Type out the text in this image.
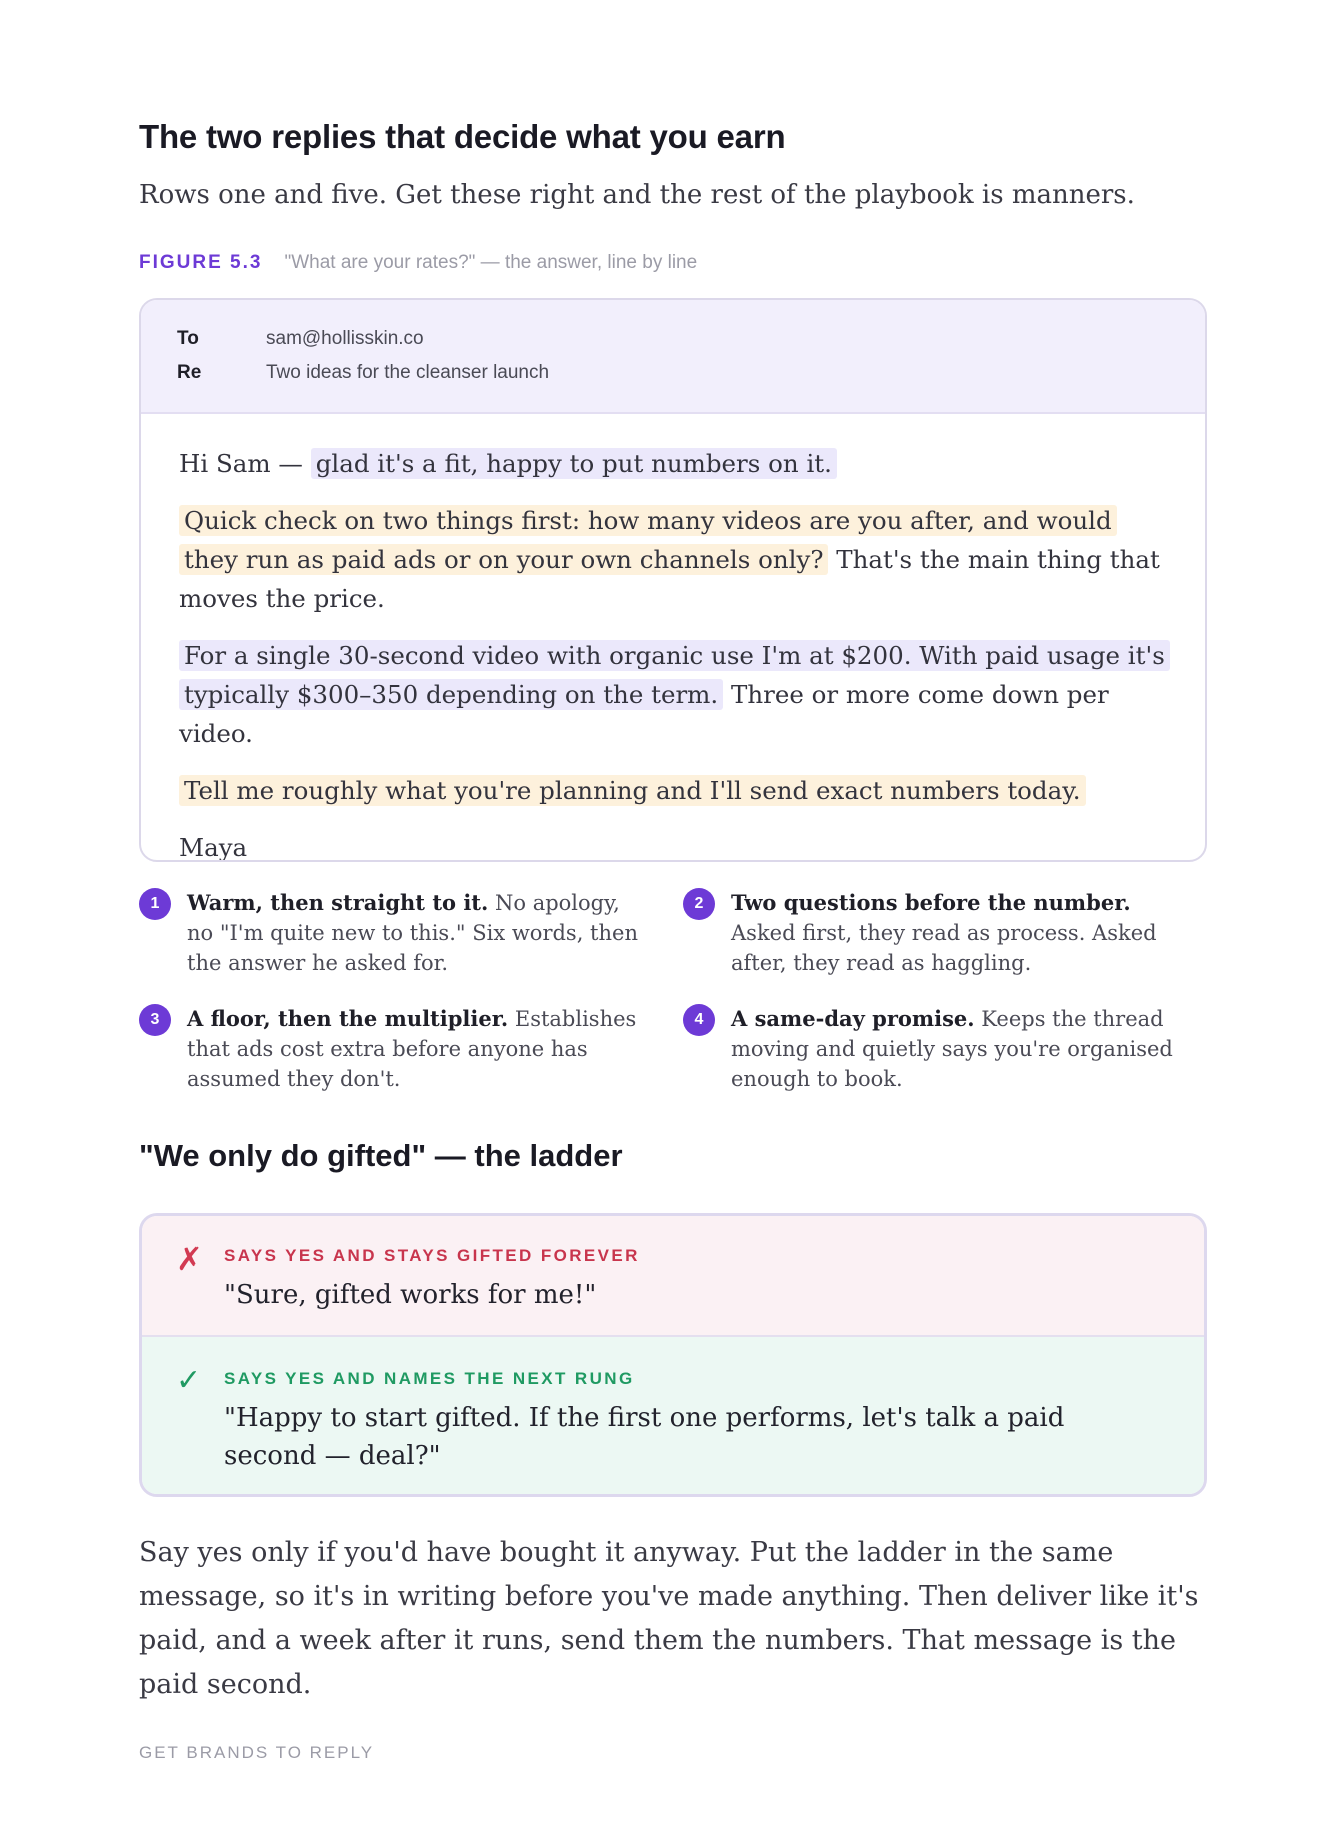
The two replies that decide what you earn
Rows one and five. Get these right and the rest of the playbook is manners.
FIGURE 5.3 "What are your rates?" — the answer, line by line
To	sam@hollisskin.co
Re	Two ideas for the cleanser launch

Hi Sam — glad it's a fit, happy to put numbers on it.

Quick check on two things first: how many videos are you after, and would they run as paid ads or on your own channels only? That's the main thing that moves the price.

For a single 30-second video with organic use I'm at $200. With paid usage it's typically $300–350 depending on the term. Three or more come down per video.

Tell me roughly what you're planning and I'll send exact numbers today.

Maya

1	Warm, then straight to it. No apology, no "I'm quite new to this." Six words, then the answer he asked for.
2	Two questions before the number. Asked first, they read as process. Asked after, they read as haggling.
3	A floor, then the multiplier. Establishes that ads cost extra before anyone has assumed they don't.
4	A same-day promise. Keeps the thread moving and quietly says you're organised enough to book.
"We only do gifted" — the ladder
✗ SAYS YES AND STAYS GIFTED FOREVER
"Sure, gifted works for me!"
✓ SAYS YES AND NAMES THE NEXT RUNG
"Happy to start gifted. If the first one performs, let's talk a paid second — deal?"
Say yes only if you'd have bought it anyway. Put the ladder in the same message, so it's in writing before you've made anything. Then deliver like it's paid, and a week after it runs, send them the numbers. That message is the paid second.
GET BRANDS TO REPLY
